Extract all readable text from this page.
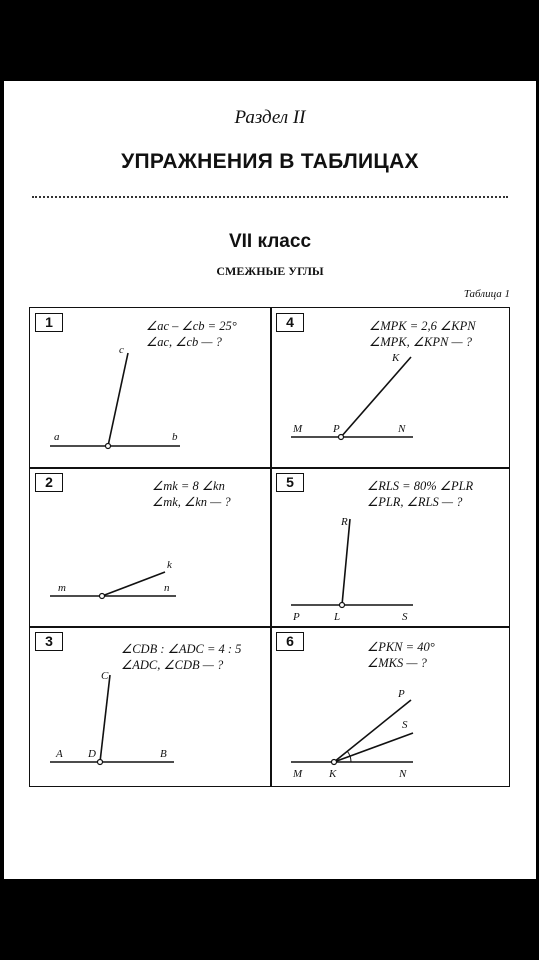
Раздел II
УПРАЖНЕНИЯ В ТАБЛИЦАХ
VII класс
СМЕЖНЫЕ УГЛЫ
Таблица 1
1	∠ac – ∠cb = 25°
∠ac, ∠cb — ?
a	b
c
4	∠MPK = 2,6 ∠KPN
∠MPK, ∠KPN — ?
M	P	N
K
2	∠mk = 8 ∠kn
∠mk, ∠kn — ?
m	n
k
5	∠RLS = 80% ∠PLR
∠PLR, ∠RLS — ?
P	L	S
R
3	∠CDB : ∠ADC = 4 : 5
∠ADC, ∠CDB — ?
A D	B
C
6	∠PKN = 40°
∠MKS — ?
M K	N
P
S
